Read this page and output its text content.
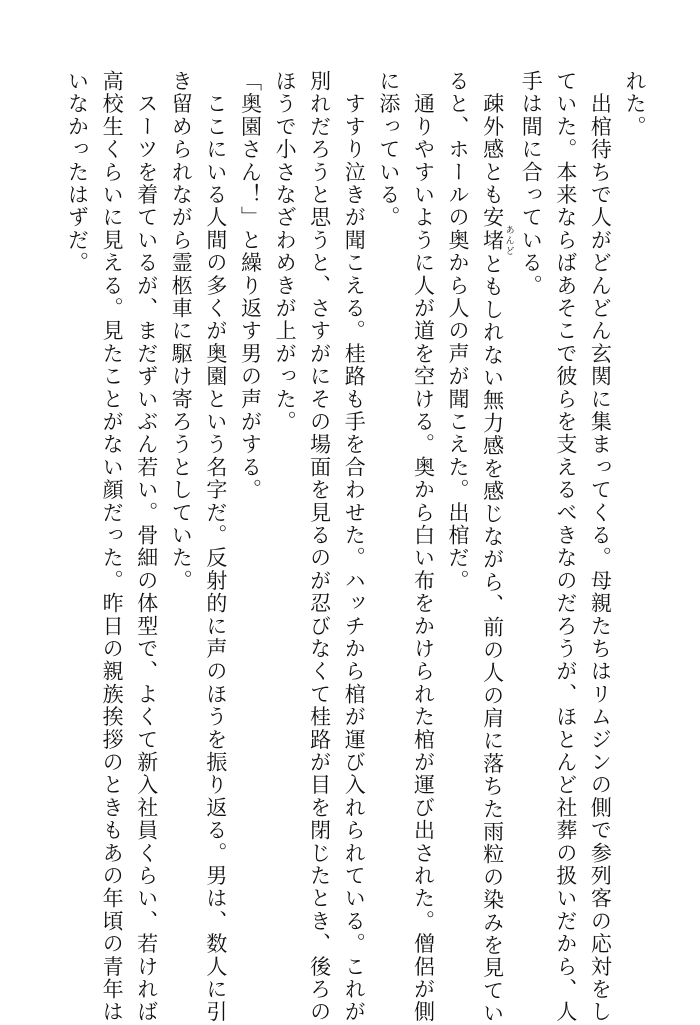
れた。

　出棺待ちで人がどんどん玄関に集まってくる。母親たちはリムジンの側で参列客の応対をし

ていた。本来ならばあそこで彼らを支えるべきなのだろうが、ほとんど社葬の扱いだから、人

手は間に合っている。

　疎外感とも安堵 あんどともしれない無力感を感じながら、前の人の肩に落ちた雨粒の染みを見てい

ると、ホールの奥から人の声が聞こえた。出棺だ。

　通りやすいように人が道を空ける。奥から白い布をかけられた棺が運び出された。僧侶が側

に添っている。

　すすり泣きが聞こえる。桂路も手を合わせた。ハッチから棺が運び入れられている。これが

別れだろうと思うと、さすがにその場面を見るのが忍びなくて桂路が目を閉じたとき、後ろの

ほうで小さなざわめきが上がった。

「奥園さん！」と繰り返す男の声がする。

　ここにいる人間の多くが奥園という名字だ。反射的に声のほうを振り返る。男は、数人に引

き留められながら霊柩車に駆け寄ろうとしていた。

　スーツを着ているが、まだずいぶん若い。骨細の体型で、よくて新入社員くらい、若ければ

高校生くらいに見える。見たことがない顔だった。昨日の親族挨拶のときもあの年頃の青年は

いなかったはずだ。
